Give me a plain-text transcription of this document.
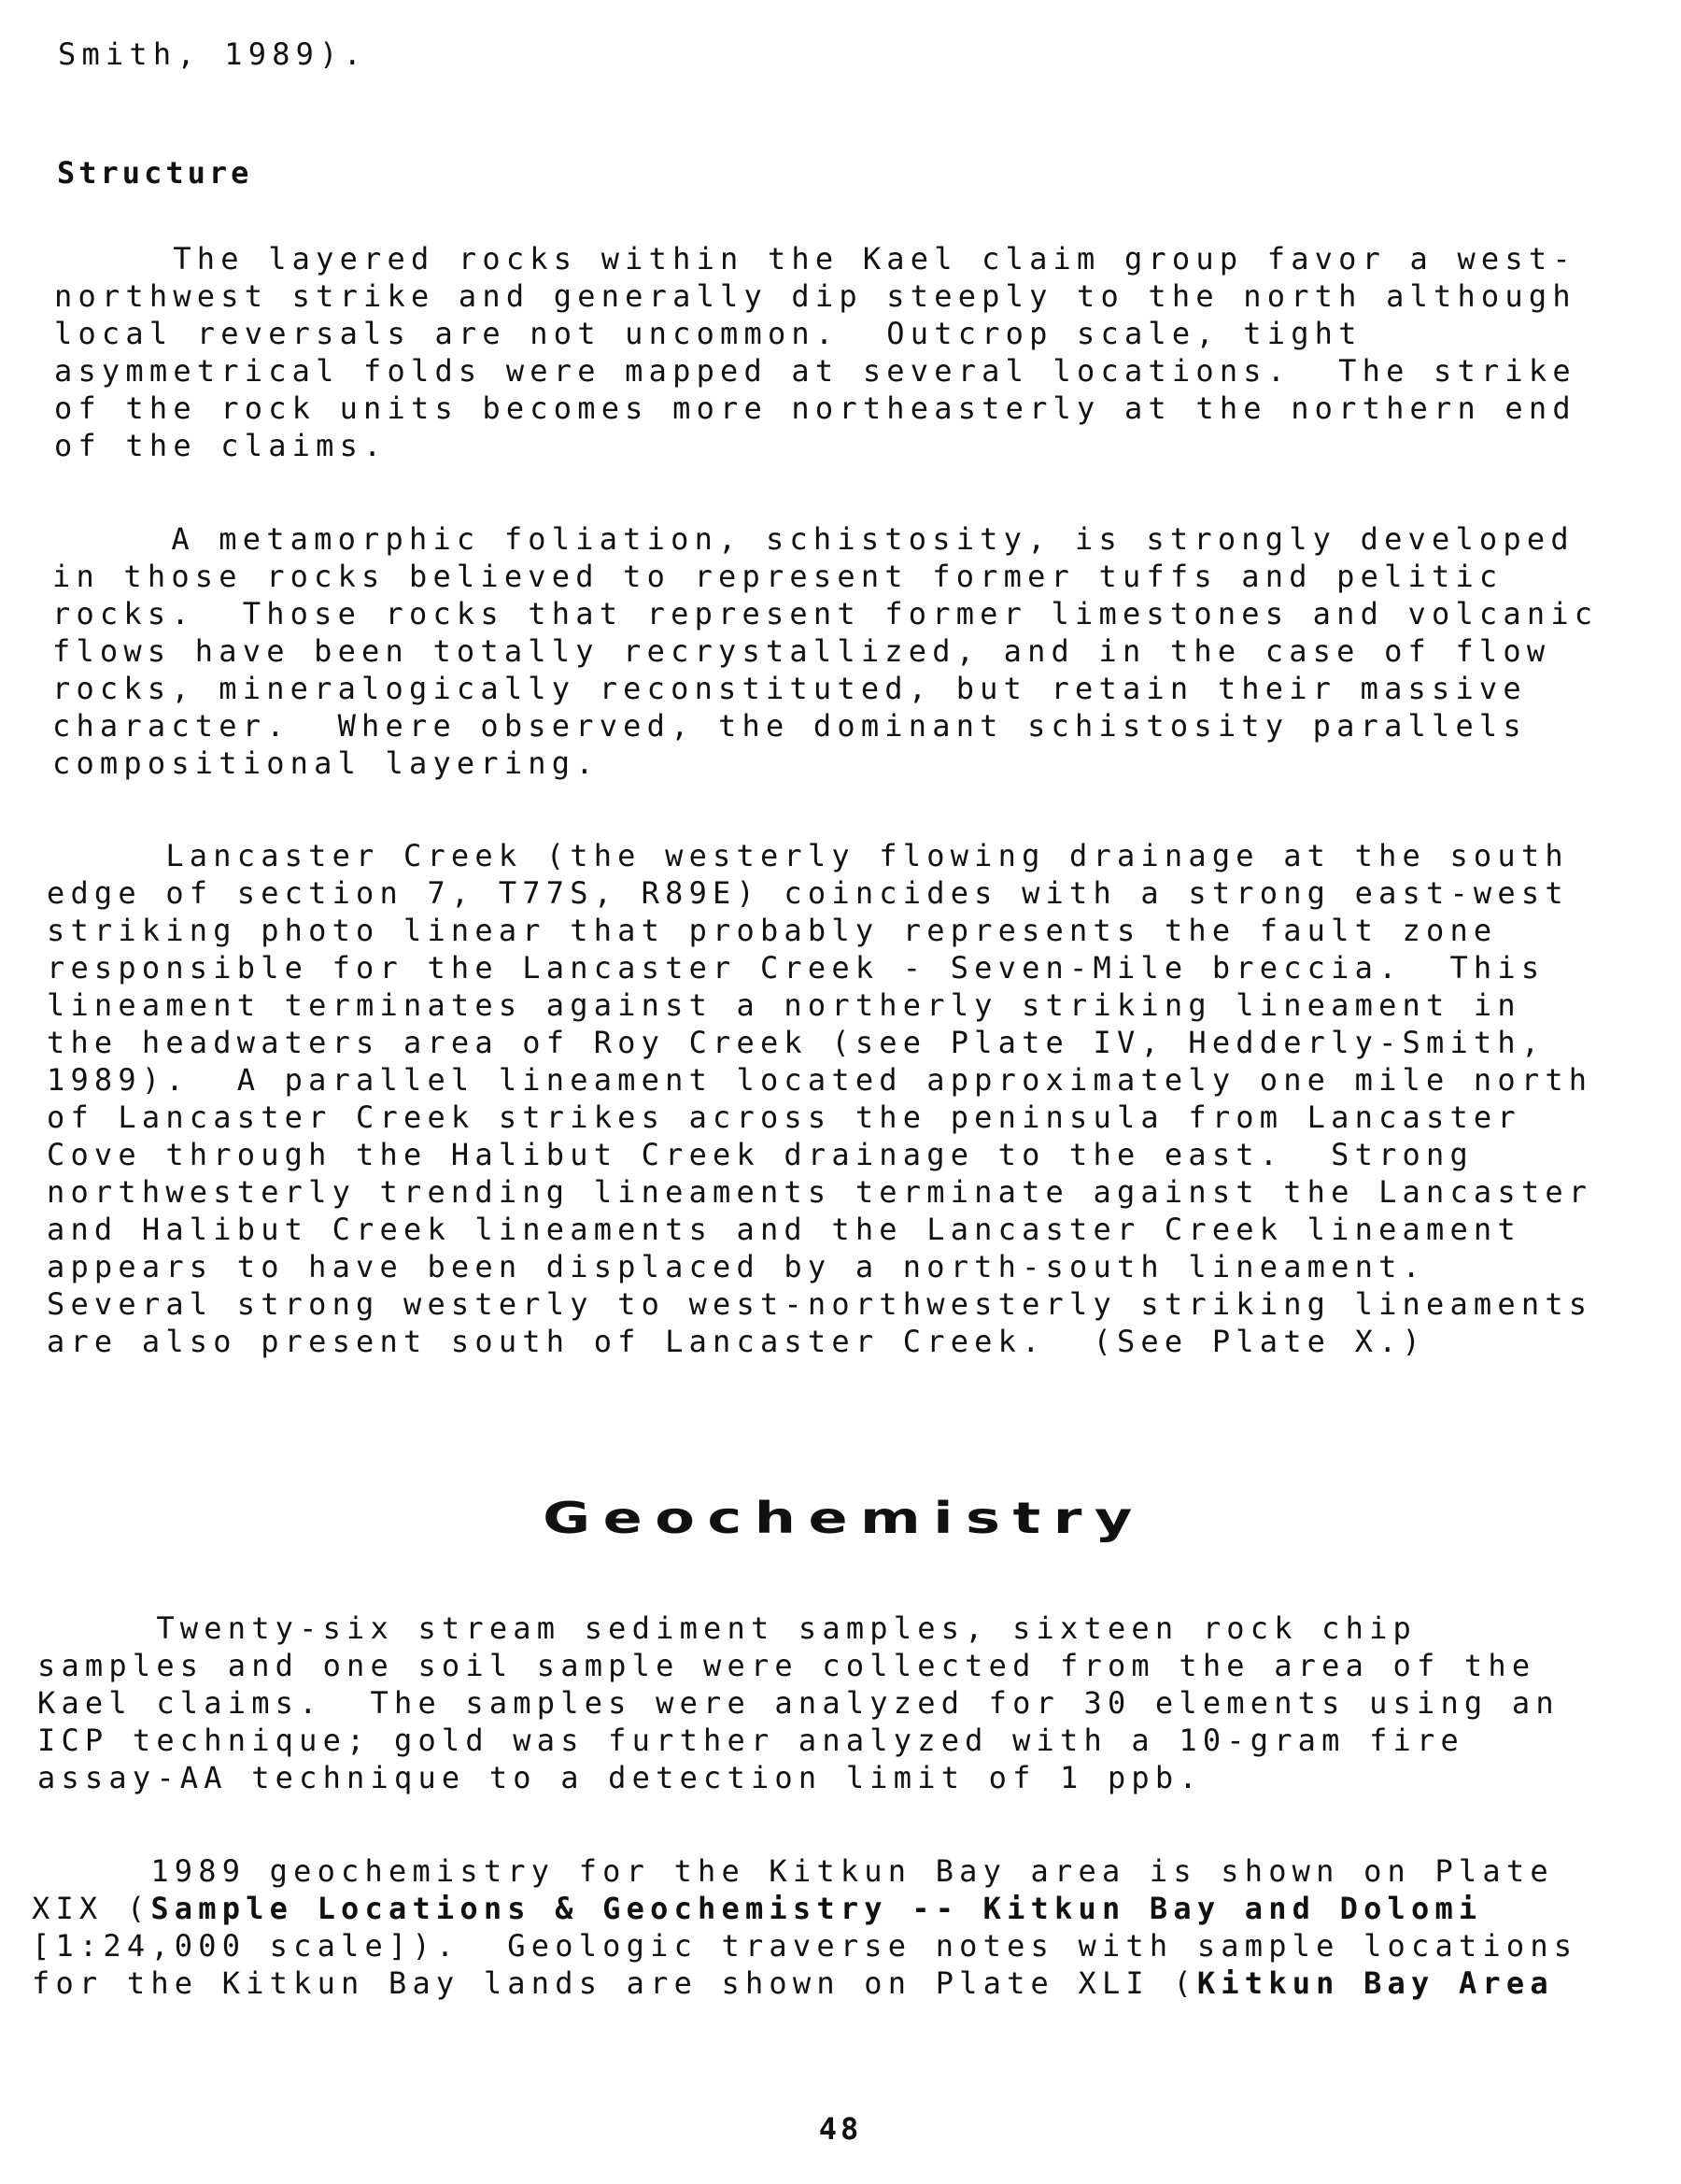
Smith, 1989).
Structure
The layered rocks within the Kael claim group favor a west-
northwest strike and generally dip steeply to the north although
local reversals are not uncommon.  Outcrop scale, tight
asymmetrical folds were mapped at several locations.  The strike
of the rock units becomes more northeasterly at the northern end
of the claims.
A metamorphic foliation, schistosity, is strongly developed
in those rocks believed to represent former tuffs and pelitic
rocks.  Those rocks that represent former limestones and volcanic
flows have been totally recrystallized, and in the case of flow
rocks, mineralogically reconstituted, but retain their massive
character.  Where observed, the dominant schistosity parallels
compositional layering.
Lancaster Creek (the westerly flowing drainage at the south
edge of section 7, T77S, R89E) coincides with a strong east-west
striking photo linear that probably represents the fault zone
responsible for the Lancaster Creek - Seven-Mile breccia.  This
lineament terminates against a northerly striking lineament in
the headwaters area of Roy Creek (see Plate IV, Hedderly-Smith,
1989).  A parallel lineament located approximately one mile north
of Lancaster Creek strikes across the peninsula from Lancaster
Cove through the Halibut Creek drainage to the east.  Strong
northwesterly trending lineaments terminate against the Lancaster
and Halibut Creek lineaments and the Lancaster Creek lineament
appears to have been displaced by a north-south lineament.
Several strong westerly to west-northwesterly striking lineaments
are also present south of Lancaster Creek.  (See Plate X.)
Geochemistry
Twenty-six stream sediment samples, sixteen rock chip
samples and one soil sample were collected from the area of the
Kael claims.  The samples were analyzed for 30 elements using an
ICP technique; gold was further analyzed with a 10-gram fire
assay-AA technique to a detection limit of 1 ppb.
1989 geochemistry for the Kitkun Bay area is shown on Plate
XIX (Sample Locations & Geochemistry -- Kitkun Bay and Dolomi
[1:24,000 scale]).  Geologic traverse notes with sample locations
for the Kitkun Bay lands are shown on Plate XLI (Kitkun Bay Area
48
